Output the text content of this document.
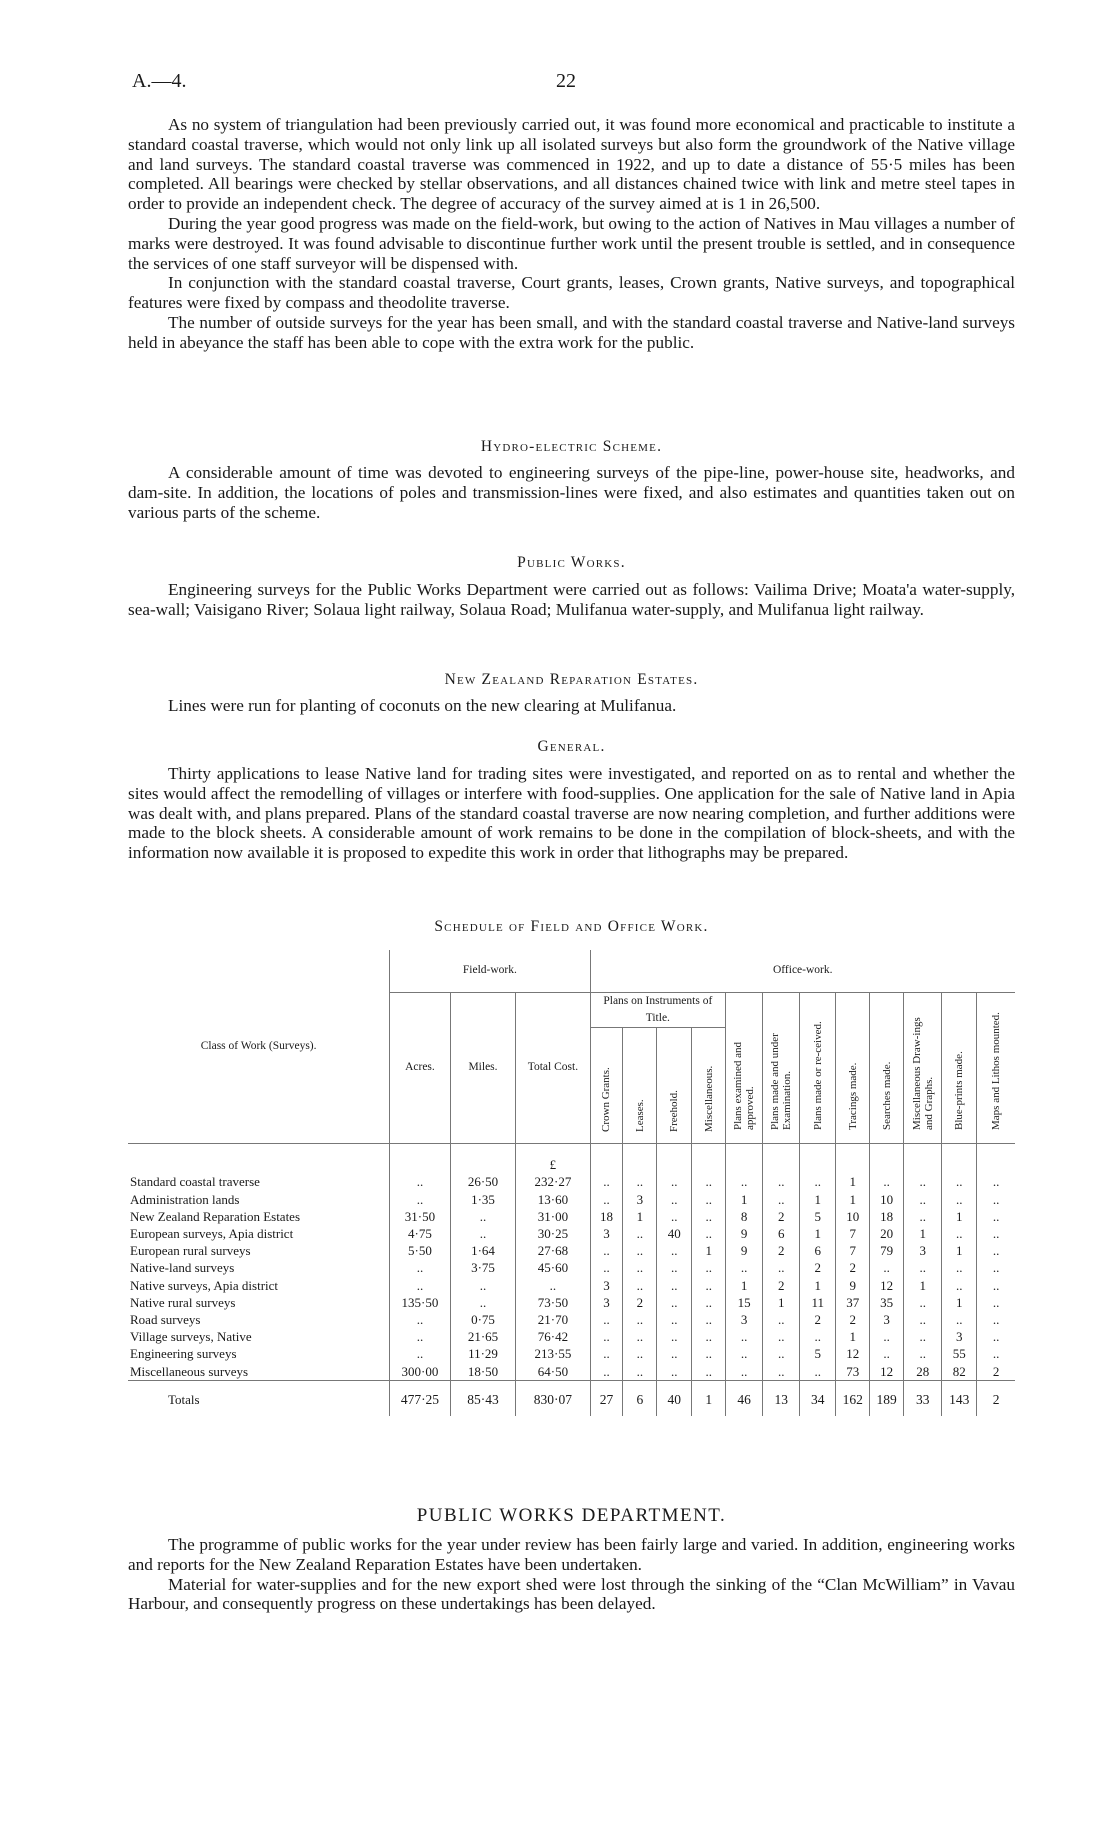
A.—4.	22

As no system of triangulation had been previously carried out, it was found more economical and practicable to institute a standard coastal traverse, which would not only link up all isolated surveys but also form the groundwork of the Native village and land surveys. The standard coastal traverse was commenced in 1922, and up to date a distance of 55·5 miles has been completed. All bearings were checked by stellar observations, and all distances chained twice with link and metre steel tapes in order to provide an independent check. The degree of accuracy of the survey aimed at is 1 in 26,500.

During the year good progress was made on the field-work, but owing to the action of Natives in Mau villages a number of marks were destroyed. It was found advisable to discontinue further work until the present trouble is settled, and in consequence the services of one staff surveyor will be dispensed with.

In conjunction with the standard coastal traverse, Court grants, leases, Crown grants, Native surveys, and topographical features were fixed by compass and theodolite traverse.

The number of outside surveys for the year has been small, and with the standard coastal traverse and Native-land surveys held in abeyance the staff has been able to cope with the extra work for the public.

Hydro-electric Scheme.

A considerable amount of time was devoted to engineering surveys of the pipe-line, power-house site, headworks, and dam-site. In addition, the locations of poles and transmission-lines were fixed, and also estimates and quantities taken out on various parts of the scheme.

Public Works.

Engineering surveys for the Public Works Department were carried out as follows: Vailima Drive; Moata'a water-supply, sea-wall; Vaisigano River; Solaua light railway, Solaua Road; Mulifanua water-supply, and Mulifanua light railway.

New Zealand Reparation Estates.

Lines were run for planting of coconuts on the new clearing at Mulifanua.

General.

Thirty applications to lease Native land for trading sites were investigated, and reported on as to rental and whether the sites would affect the remodelling of villages or interfere with food-supplies. One application for the sale of Native land in Apia was dealt with, and plans prepared. Plans of the standard coastal traverse are now nearing completion, and further additions were made to the block sheets. A considerable amount of work remains to be done in the compilation of block-sheets, and with the information now available it is proposed to expedite this work in order that lithographs may be prepared.

Schedule of Field and Office Work.
Class of Work (Surveys).	Field-work.			Office-work.											
	Acres.	Miles.	Total Cost.	Plans on Instruments of Title.				Plans examined and approved.	Plans made and under Examination.	Plans made or re-ceived.	Tracings made.	Searches made.	Miscellaneous Draw-ings and Graphs.	Blue-prints made.	Maps and Lithos mounted.
				Crown Grants.	Leases.	Freehold.	Miscellaneous.								
			£												
Standard coastal traverse	..	26·50	232·27	..	..	..	..	..	..	..	1	..	..	..	..
Administration lands	..	1·35	13·60	..	3	..	..	1	..	1	1	10	..	..	..
New Zealand Reparation Estates	31·50	..	31·00	18	1	..	..	8	2	5	10	18	..	1	..
European surveys, Apia district	4·75	..	30·25	3	..	40	..	9	6	1	7	20	1	..	..
European rural surveys	5·50	1·64	27·68	..	..	..	1	9	2	6	7	79	3	1	..
Native-land surveys	..	3·75	45·60	..	..	..	..	..	..	2	2	..	..	..	..
Native surveys, Apia district	..	..	..	3	..	..	..	1	2	1	9	12	1	..	..
Native rural surveys	135·50	..	73·50	3	2	..	..	15	1	11	37	35	..	1	..
Road surveys	..	0·75	21·70	..	..	..	..	3	..	2	2	3	..	..	..
Village surveys, Native	..	21·65	76·42	..	..	..	..	..	..	..	1	..	..	3	..
Engineering surveys	..	11·29	213·55	..	..	..	..	..	..	5	12	..	..	55	..
Miscellaneous surveys	300·00	18·50	64·50	..	..	..	..	..	..	..	73	12	28	82	2
Totals	477·25	85·43	830·07	27	6	40	1	46	13	34	162	189	33	143	2
PUBLIC WORKS DEPARTMENT.

The programme of public works for the year under review has been fairly large and varied. In addition, engineering works and reports for the New Zealand Reparation Estates have been undertaken.

Material for water-supplies and for the new export shed were lost through the sinking of the “Clan McWilliam” in Vavau Harbour, and consequently progress on these undertakings has been delayed.
